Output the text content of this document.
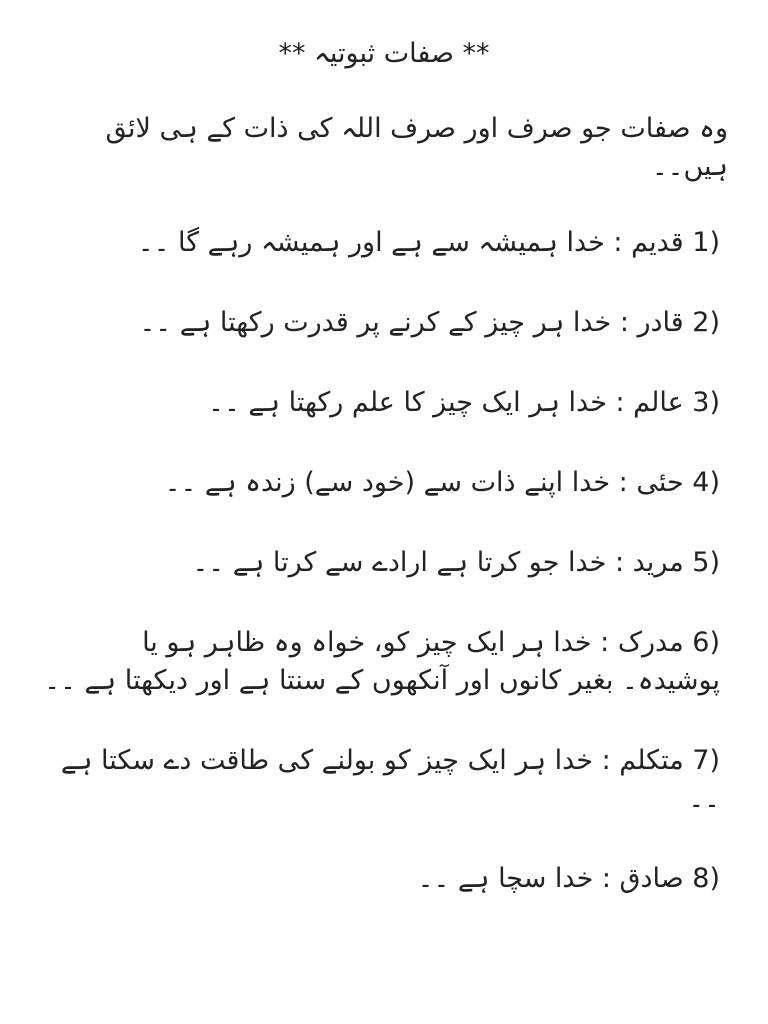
** صفات ثبوتیہ **

وہ صفات جو صرف اور صرف اللہ کی ذات کے ہی لائق ہیں۔۔

1) قدیم : خدا ہمیشہ سے ہے اور ہمیشہ رہے گا ۔۔
2) قادر : خدا ہر چیز کے کرنے پر قدرت رکھتا ہے ۔۔
3) عالم : خدا ہر ایک چیز کا علم رکھتا ہے ۔۔
4) حئی : خدا اپنے ذات سے (خود سے) زندہ ہے ۔۔
5) مرید : خدا جو کرتا ہے ارادے سے کرتا ہے ۔۔
6) مدرک : خدا ہر ایک چیز کو، خواہ وہ ظاہر ہو یا پوشیدہ۔ بغیر کانوں اور آنکھوں کے سنتا ہے اور دیکھتا ہے ۔۔
7) متکلم : خدا ہر ایک چیز کو بولنے کی طاقت دے سکتا ہے ۔۔
8) صادق : خدا سچا ہے ۔۔
